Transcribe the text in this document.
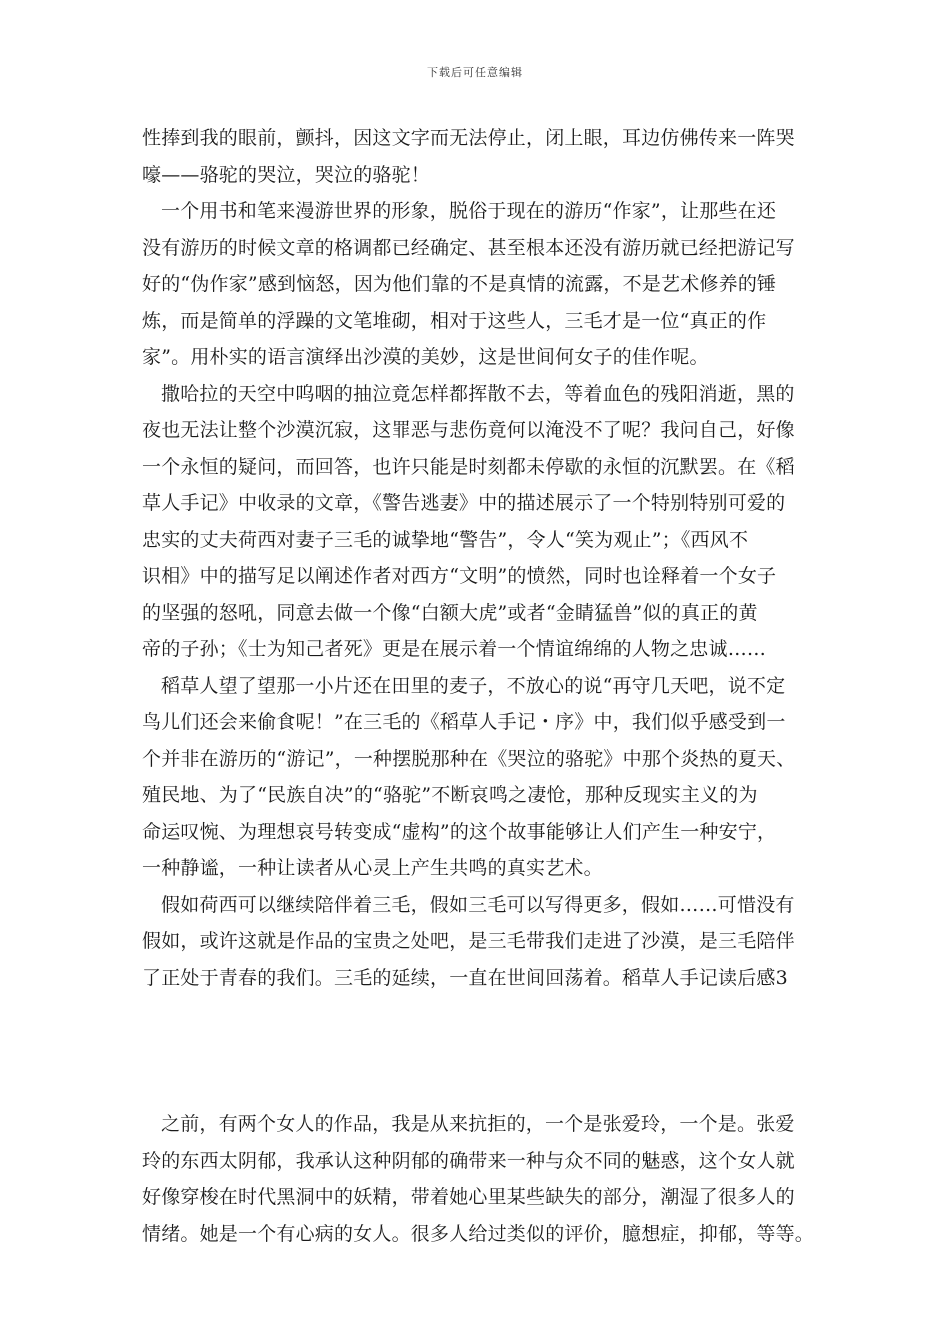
下载后可任意编辑
性捧到我的眼前，颤抖，因这文字而无法停止，闭上眼，耳边仿佛传来一阵哭
嚎——骆驼的哭泣，哭泣的骆驼！
一个用书和笔来漫游世界的形象，脱俗于现在的游历“作家”，让那些在还
没有游历的时候文章的格调都已经确定、甚至根本还没有游历就已经把游记写
好的“伪作家”感到恼怒，因为他们靠的不是真情的流露，不是艺术修养的锤
炼，而是简单的浮躁的文笔堆砌，相对于这些人，三毛才是一位“真正的作
家”。用朴实的语言演绎出沙漠的美妙，这是世间何女子的佳作呢。
撒哈拉的天空中呜咽的抽泣竟怎样都挥散不去，等着血色的残阳消逝，黑的
夜也无法让整个沙漠沉寂，这罪恶与悲伤竟何以淹没不了呢？我问自己，好像
一个永恒的疑问，而回答，也许只能是时刻都未停歇的永恒的沉默罢。在《稻
草人手记》中收录的文章，《警告逃妻》中的描述展示了一个特别特别可爱的
忠实的丈夫荷西对妻子三毛的诚挚地“警告”，令人“笑为观止”；《西风不
识相》中的描写足以阐述作者对西方“文明”的愤然，同时也诠释着一个女子
的坚强的怒吼，同意去做一个像“白额大虎”或者“金睛猛兽”似的真正的黄
帝的子孙；《士为知己者死》更是在展示着一个情谊绵绵的人物之忠诚……
稻草人望了望那一小片还在田里的麦子，不放心的说“再守几天吧，说不定
鸟儿们还会来偷食呢！”在三毛的《稻草人手记・序》中，我们似乎感受到一
个并非在游历的“游记”，一种摆脱那种在《哭泣的骆驼》中那个炎热的夏天、
殖民地、为了“民族自决”的“骆驼”不断哀鸣之凄怆，那种反现实主义的为
命运叹惋、为理想哀号转变成“虚构”的这个故事能够让人们产生一种安宁，
一种静谧，一种让读者从心灵上产生共鸣的真实艺术。
假如荷西可以继续陪伴着三毛，假如三毛可以写得更多，假如……可惜没有
假如，或许这就是作品的宝贵之处吧，是三毛带我们走进了沙漠，是三毛陪伴
了正处于青春的我们。三毛的延续，一直在世间回荡着。稻草人手记读后感3
之前，有两个女人的作品，我是从来抗拒的，一个是张爱玲，一个是。张爱
玲的东西太阴郁，我承认这种阴郁的确带来一种与众不同的魅惑，这个女人就
好像穿梭在时代黑洞中的妖精，带着她心里某些缺失的部分，潮湿了很多人的
情绪。她是一个有心病的女人。很多人给过类似的评价，臆想症，抑郁，等等。
